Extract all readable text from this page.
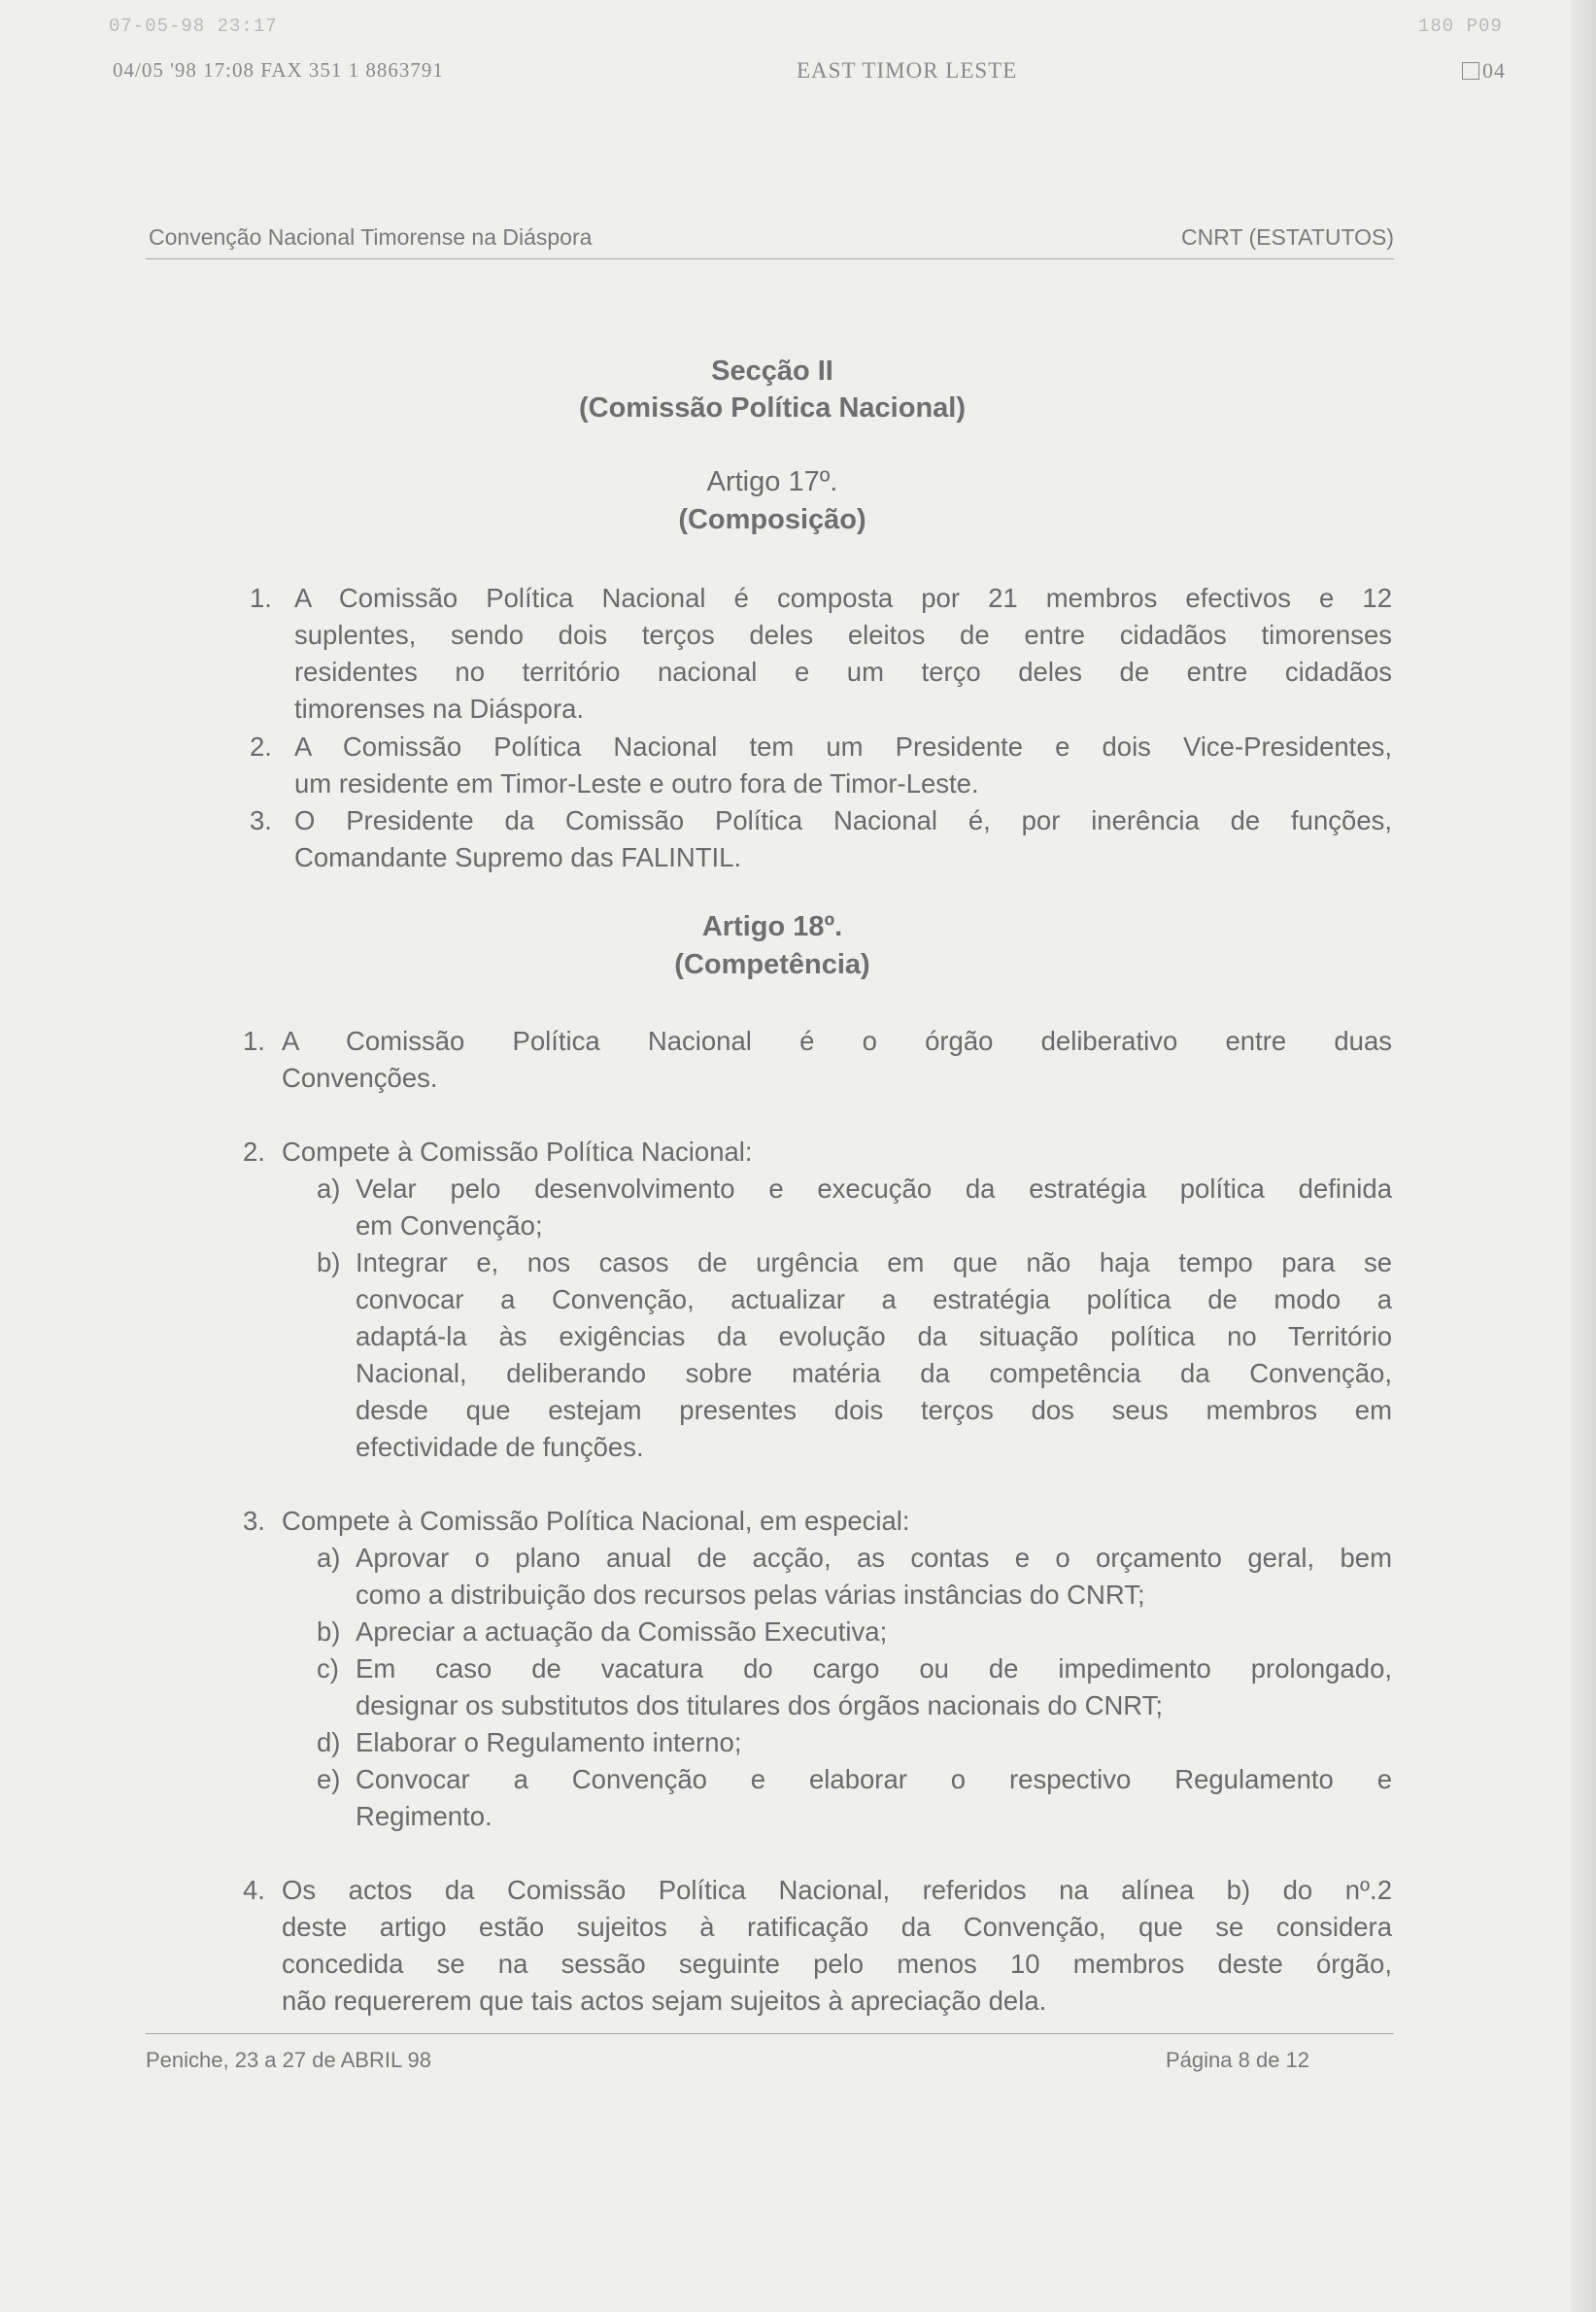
07-05-98 23:17	180 P09
04/05 '98 17:08 FAX 351 1 8863791	EAST TIMOR LESTE	04
Convenção Nacional Timorense na Diáspora	CNRT (ESTATUTOS)
Secção II
(Comissão Política Nacional)
Artigo 17º.
(Composição)
1. A Comissão Política Nacional é composta por 21 membros efectivos e 12
suplentes, sendo dois terços deles eleitos de entre cidadãos timorenses
residentes no território nacional e um terço deles de entre cidadãos
timorenses na Diáspora.
2. A Comissão Política Nacional tem um Presidente e dois Vice-Presidentes,
um residente em Timor-Leste e outro fora de Timor-Leste.
3. O Presidente da Comissão Política Nacional é, por inerência de funções,
Comandante Supremo das FALINTIL.
Artigo 18º.
(Competência)
1. A Comissão Política Nacional é o órgão deliberativo entre duas
Convenções.
2. Compete à Comissão Política Nacional:
a) Velar pelo desenvolvimento e execução da estratégia política definida
em Convenção;
b) Integrar e, nos casos de urgência em que não haja tempo para se
convocar a Convenção, actualizar a estratégia política de modo a
adaptá-la às exigências da evolução da situação política no Território
Nacional, deliberando sobre matéria da competência da Convenção,
desde que estejam presentes dois terços dos seus membros em
efectividade de funções.
3. Compete à Comissão Política Nacional, em especial:
a) Aprovar o plano anual de acção, as contas e o orçamento geral, bem
como a distribuição dos recursos pelas várias instâncias do CNRT;
b) Apreciar a actuação da Comissão Executiva;
c) Em caso de vacatura do cargo ou de impedimento prolongado,
designar os substitutos dos titulares dos órgãos nacionais do CNRT;
d) Elaborar o Regulamento interno;
e) Convocar a Convenção e elaborar o respectivo Regulamento e
Regimento.
4. Os actos da Comissão Política Nacional, referidos na alínea b) do nº.2
deste artigo estão sujeitos à ratificação da Convenção, que se considera
concedida se na sessão seguinte pelo menos 10 membros deste órgão,
não requererem que tais actos sejam sujeitos à apreciação dela.
Peniche, 23 a 27 de ABRIL 98	Página 8 de 12
